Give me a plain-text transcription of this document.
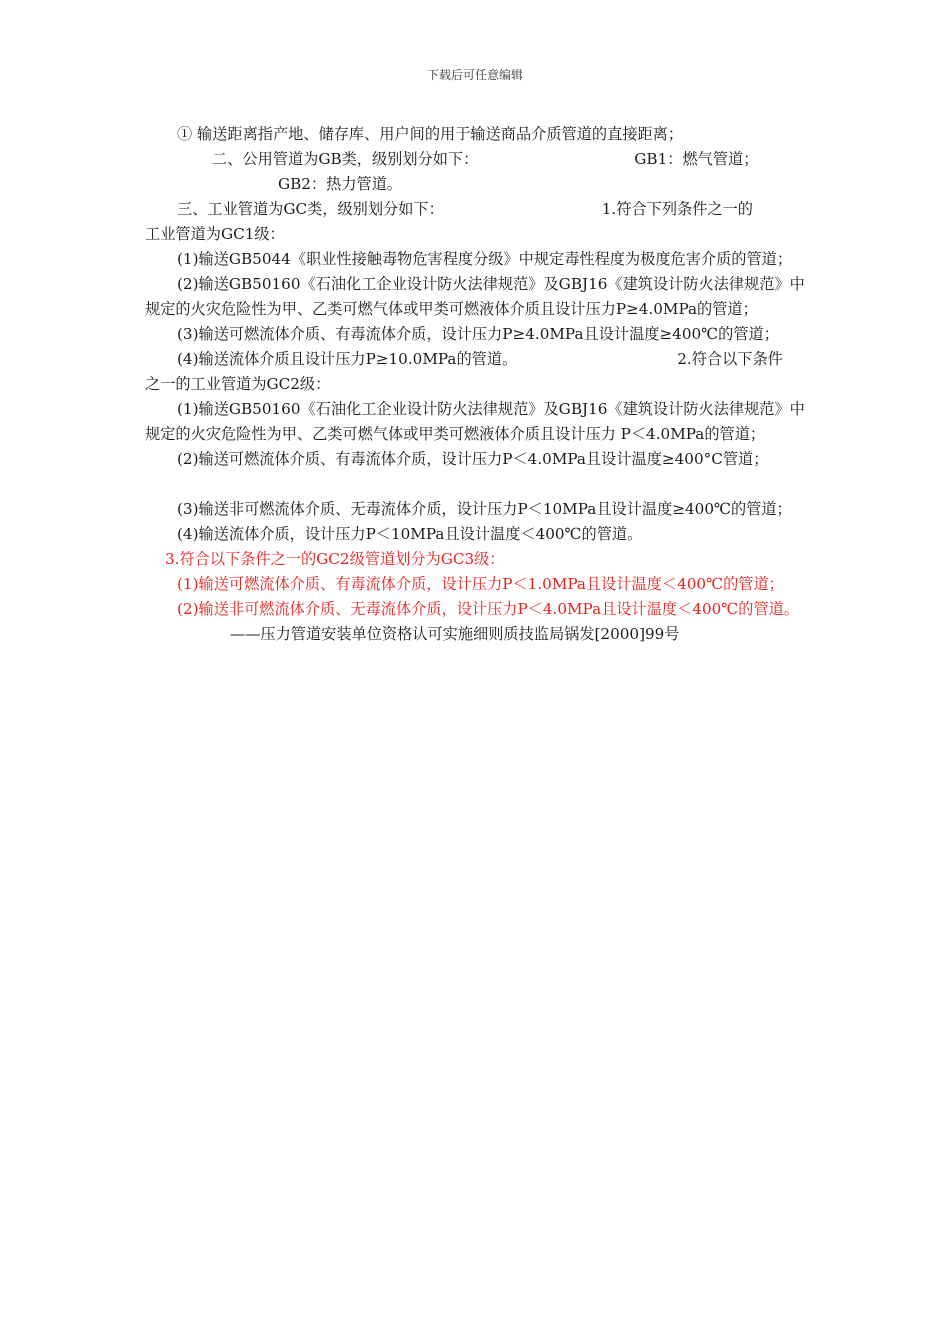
下载后可任意编辑
① 输送距离指产地、储存库、用户间的用于输送商品介质管道的直接距离；
二、公用管道为GB类，级别划分如下：	GB1：燃气管道；
GB2：热力管道。
三、工业管道为GC类，级别划分如下：	1.符合下列条件之一的
工业管道为GC1级：

(1)输送GB5044《职业性接触毒物危害程度分级》中规定毒性程度为极度危害介质的管道；

(2)输送GB50160《石油化工企业设计防火法律规范》及GBJ16《建筑设计防火法律规范》中规定的火灾危险性为甲、乙类可燃气体或甲类可燃液体介质且设计压力P≥4.0MPa的管道；

(3)输送可燃流体介质、有毒流体介质，设计压力P≥4.0MPa且设计温度≥400℃的管道；

(4)输送流体介质且设计压力P≥10.0MPa的管道。	2.符合以下条件
之一的工业管道为GC2级：

(1)输送GB50160《石油化工企业设计防火法律规范》及GBJ16《建筑设计防火法律规范》中规定的火灾危险性为甲、乙类可燃气体或甲类可燃液体介质且设计压力 P＜4.0MPa的管道；

(2)输送可燃流体介质、有毒流体介质，设计压力P＜4.0MPa且设计温度≥400°C管道；

(3)输送非可燃流体介质、无毒流体介质，设计压力P＜10MPa且设计温度≥400℃的管道；

(4)输送流体介质，设计压力P＜10MPa且设计温度＜400℃的管道。

3.符合以下条件之一的GC2级管道划分为GC3级：

(1)输送可燃流体介质、有毒流体介质，设计压力P＜1.0MPa且设计温度＜400℃的管道；

(2)输送非可燃流体介质、无毒流体介质，设计压力P＜4.0MPa且设计温度＜400℃的管道。

——压力管道安装单位资格认可实施细则质技监局锅发[2000]99号
